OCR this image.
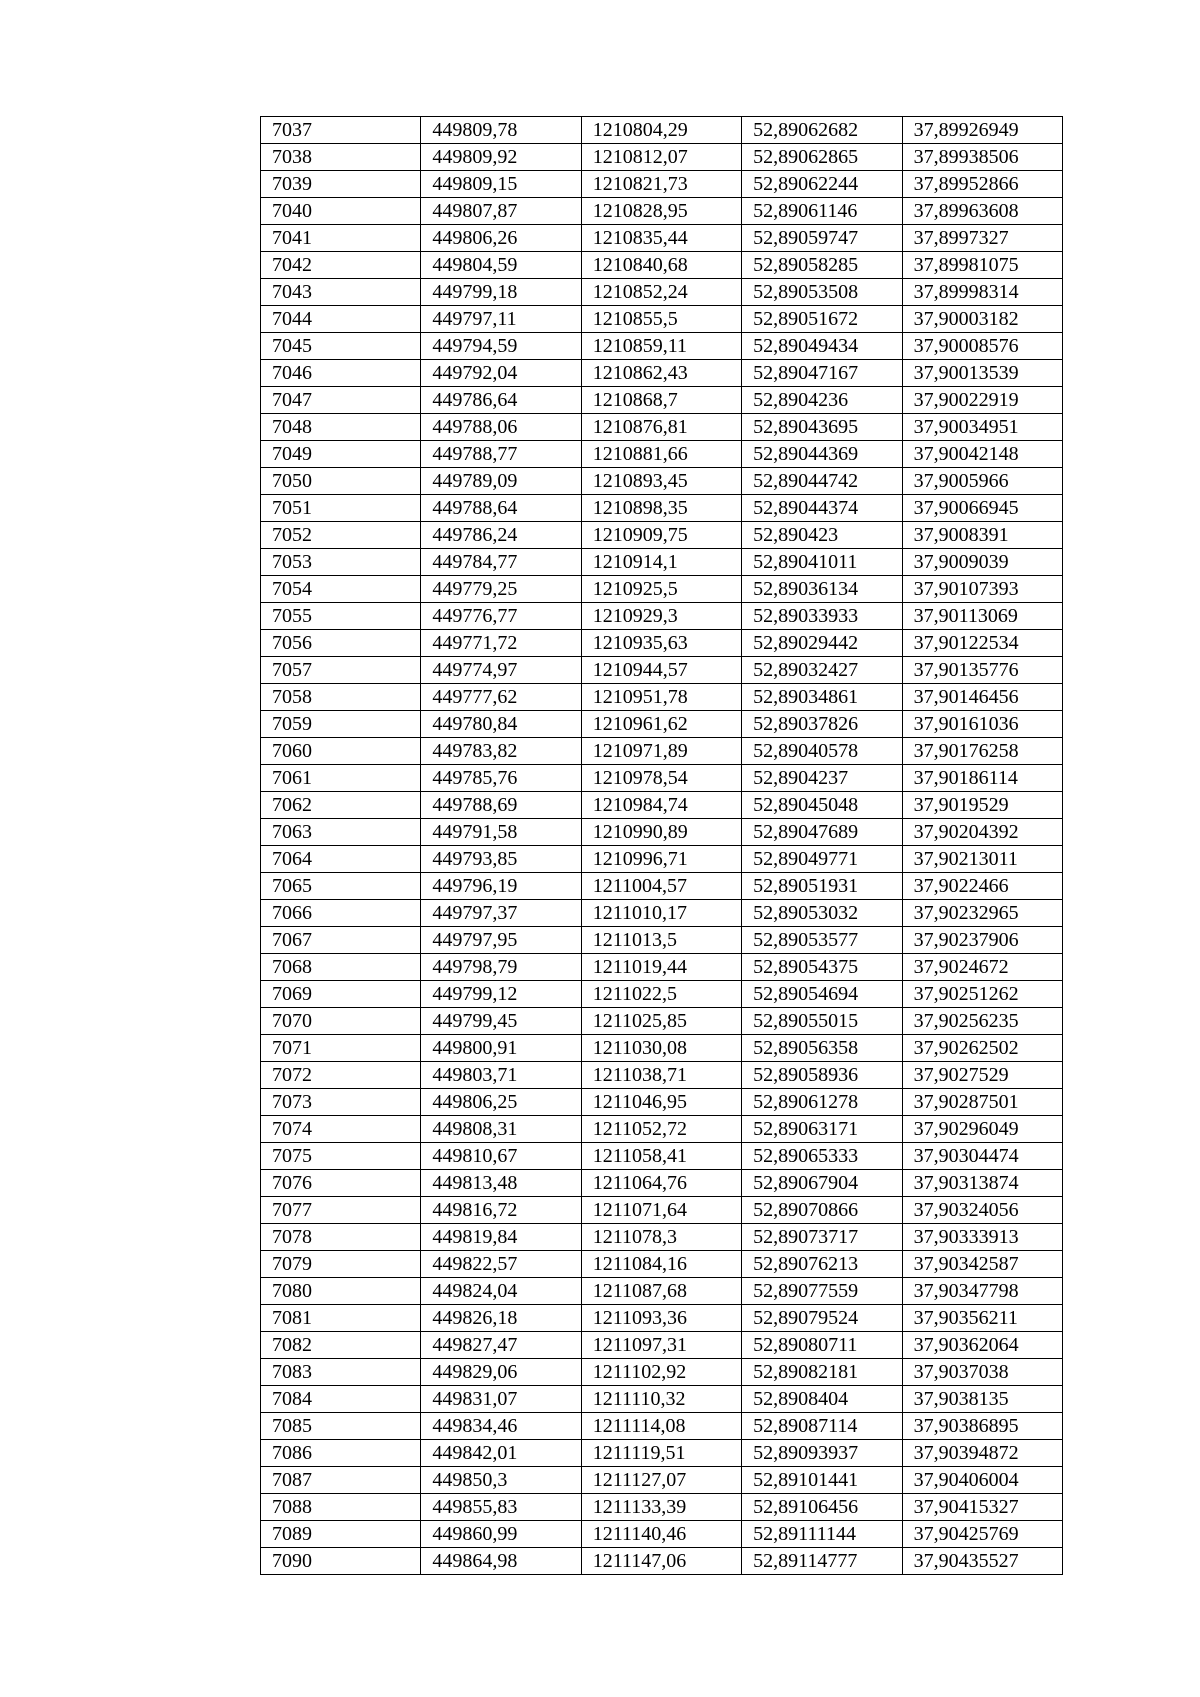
7037	449809,78	1210804,29	52,89062682	37,89926949
7038	449809,92	1210812,07	52,89062865	37,89938506
7039	449809,15	1210821,73	52,89062244	37,89952866
7040	449807,87	1210828,95	52,89061146	37,89963608
7041	449806,26	1210835,44	52,89059747	37,8997327
7042	449804,59	1210840,68	52,89058285	37,89981075
7043	449799,18	1210852,24	52,89053508	37,89998314
7044	449797,11	1210855,5	52,89051672	37,90003182
7045	449794,59	1210859,11	52,89049434	37,90008576
7046	449792,04	1210862,43	52,89047167	37,90013539
7047	449786,64	1210868,7	52,8904236	37,90022919
7048	449788,06	1210876,81	52,89043695	37,90034951
7049	449788,77	1210881,66	52,89044369	37,90042148
7050	449789,09	1210893,45	52,89044742	37,9005966
7051	449788,64	1210898,35	52,89044374	37,90066945
7052	449786,24	1210909,75	52,890423	37,9008391
7053	449784,77	1210914,1	52,89041011	37,9009039
7054	449779,25	1210925,5	52,89036134	37,90107393
7055	449776,77	1210929,3	52,89033933	37,90113069
7056	449771,72	1210935,63	52,89029442	37,90122534
7057	449774,97	1210944,57	52,89032427	37,90135776
7058	449777,62	1210951,78	52,89034861	37,90146456
7059	449780,84	1210961,62	52,89037826	37,90161036
7060	449783,82	1210971,89	52,89040578	37,90176258
7061	449785,76	1210978,54	52,8904237	37,90186114
7062	449788,69	1210984,74	52,89045048	37,9019529
7063	449791,58	1210990,89	52,89047689	37,90204392
7064	449793,85	1210996,71	52,89049771	37,90213011
7065	449796,19	1211004,57	52,89051931	37,9022466
7066	449797,37	1211010,17	52,89053032	37,90232965
7067	449797,95	1211013,5	52,89053577	37,90237906
7068	449798,79	1211019,44	52,89054375	37,9024672
7069	449799,12	1211022,5	52,89054694	37,90251262
7070	449799,45	1211025,85	52,89055015	37,90256235
7071	449800,91	1211030,08	52,89056358	37,90262502
7072	449803,71	1211038,71	52,89058936	37,9027529
7073	449806,25	1211046,95	52,89061278	37,90287501
7074	449808,31	1211052,72	52,89063171	37,90296049
7075	449810,67	1211058,41	52,89065333	37,90304474
7076	449813,48	1211064,76	52,89067904	37,90313874
7077	449816,72	1211071,64	52,89070866	37,90324056
7078	449819,84	1211078,3	52,89073717	37,90333913
7079	449822,57	1211084,16	52,89076213	37,90342587
7080	449824,04	1211087,68	52,89077559	37,90347798
7081	449826,18	1211093,36	52,89079524	37,90356211
7082	449827,47	1211097,31	52,89080711	37,90362064
7083	449829,06	1211102,92	52,89082181	37,9037038
7084	449831,07	1211110,32	52,8908404	37,9038135
7085	449834,46	1211114,08	52,89087114	37,90386895
7086	449842,01	1211119,51	52,89093937	37,90394872
7087	449850,3	1211127,07	52,89101441	37,90406004
7088	449855,83	1211133,39	52,89106456	37,90415327
7089	449860,99	1211140,46	52,89111144	37,90425769
7090	449864,98	1211147,06	52,89114777	37,90435527
